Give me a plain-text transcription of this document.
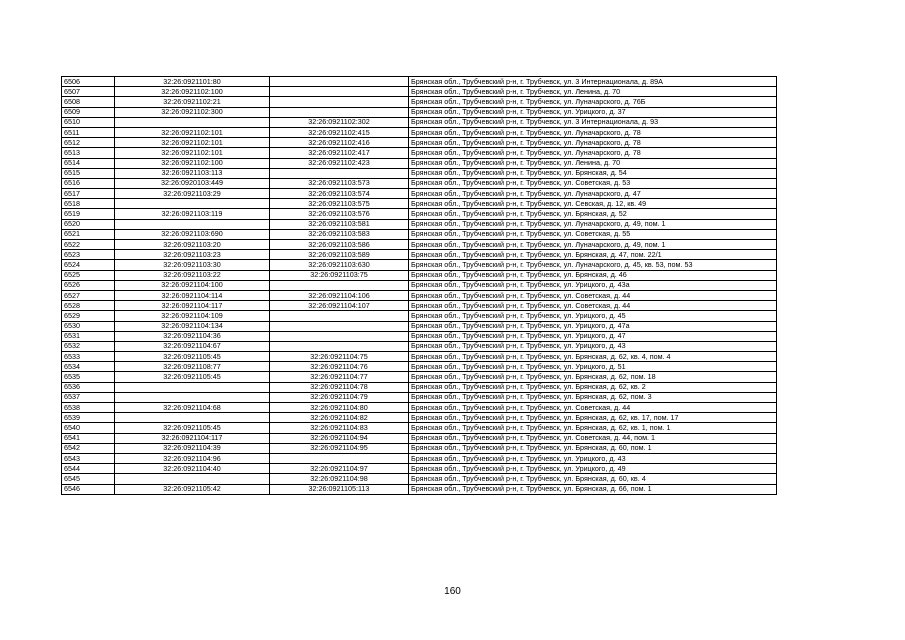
6506	32:26:0921101:80		Брянская обл., Трубчевский р-н, г. Трубчевск, ул. 3 Интернационала, д. 89А
6507	32:26:0921102:100		Брянская обл., Трубчевский р-н, г. Трубчевск, ул. Ленина, д. 70
6508	32:26:0921102:21		Брянская обл., Трубчевский р-н, г. Трубчевск, ул. Луначарского, д. 76Б
6509	32:26:0921102:300		Брянская обл., Трубчевский р-н, г. Трубчевск, ул. Урицкого, д. 37
6510		32:26:0921102:302	Брянская обл., Трубчевский р-н, г. Трубчевск, ул. 3 Интернационала, д. 93
6511	32:26:0921102:101	32:26:0921102:415	Брянская обл., Трубчевский р-н, г. Трубчевск, ул. Луначарского, д. 78
6512	32:26:0921102:101	32:26:0921102:416	Брянская обл., Трубчевский р-н, г. Трубчевск, ул. Луначарского, д. 78
6513	32:26:0921102:101	32:26:0921102:417	Брянская обл., Трубчевский р-н, г. Трубчевск, ул. Луначарского, д. 78
6514	32:26:0921102:100	32:26:0921102:423	Брянская обл., Трубчевский р-н, г. Трубчевск, ул. Ленина, д. 70
6515	32:26:0921103:113		Брянская обл., Трубчевский р-н, г. Трубчевск, ул. Брянская, д. 54
6516	32:26:0920103:449	32:26:0921103:573	Брянская обл., Трубчевский р-н, г. Трубчевск, ул. Советская, д. 53
6517	32:26:0921103:29	32:26:0921103:574	Брянская обл., Трубчевский р-н, г. Трубчевск, ул. Луначарского, д. 47
6518		32:26:0921103:575	Брянская обл., Трубчевский р-н, г. Трубчевск, ул. Севская, д. 12, кв. 49
6519	32:26:0921103:119	32:26:0921103:576	Брянская обл., Трубчевский р-н, г. Трубчевск, ул. Брянская, д. 52
6520		32:26:0921103:581	Брянская обл., Трубчевский р-н, г. Трубчевск, ул. Луначарского, д. 49, пом. 1
6521	32:26:0921103:690	32:26:0921103:583	Брянская обл., Трубчевский р-н, г. Трубчевск, ул. Советская, д. 55
6522	32:26:0921103:20	32:26:0921103:586	Брянская обл., Трубчевский р-н, г. Трубчевск, ул. Луначарского, д. 49, пом. 1
6523	32:26:0921103:23	32:26:0921103:589	Брянская обл., Трубчевский р-н, г. Трубчевск, ул. Брянская, д. 47, пом. 22/1
6524	32:26:0921103:30	32:26:0921103:630	Брянская обл., Трубчевский р-н, г. Трубчевск, ул. Луначарского, д. 45, кв. 53, пом. 53
6525	32:26:0921103:22	32:26:0921103:75	Брянская обл., Трубчевский р-н, г. Трубчевск, ул. Брянская, д. 46
6526	32:26:0921104:100		Брянская обл., Трубчевский р-н, г. Трубчевск, ул. Урицкого, д. 43а
6527	32:26:0921104:114	32:26:0921104:106	Брянская обл., Трубчевский р-н, г. Трубчевск, ул. Советская, д. 44
6528	32:26:0921104:117	32:26:0921104:107	Брянская обл., Трубчевский р-н, г. Трубчевск, ул. Советская, д. 44
6529	32:26:0921104:109		Брянская обл., Трубчевский р-н, г. Трубчевск, ул. Урицкого, д. 45
6530	32:26:0921104:134		Брянская обл., Трубчевский р-н, г. Трубчевск, ул. Урицкого, д. 47а
6531	32:26:0921104:36		Брянская обл., Трубчевский р-н, г. Трубчевск, ул. Урицкого, д. 47
6532	32:26:0921104:67		Брянская обл., Трубчевский р-н, г. Трубчевск, ул. Урицкого, д. 43
6533	32:26:0921105:45	32:26:0921104:75	Брянская обл., Трубчевский р-н, г. Трубчевск, ул. Брянская, д. 62, кв. 4, пом. 4
6534	32:26:0921108:77	32:26:0921104:76	Брянская обл., Трубчевский р-н, г. Трубчевск, ул. Урицкого, д. 51
6535	32:26:0921105:45	32:26:0921104:77	Брянская обл., Трубчевский р-н, г. Трубчевск, ул. Брянская, д. 62, пом. 18
6536		32:26:0921104:78	Брянская обл., Трубчевский р-н, г. Трубчевск, ул. Брянская, д. 62, кв. 2
6537		32:26:0921104:79	Брянская обл., Трубчевский р-н, г. Трубчевск, ул. Брянская, д. 62, пом. 3
6538	32:26:0921104:68	32:26:0921104:80	Брянская обл., Трубчевский р-н, г. Трубчевск, ул. Советская, д. 44
6539		32:26:0921104:82	Брянская обл., Трубчевский р-н, г. Трубчевск, ул. Брянская, д. 62, кв. 17, пом. 17
6540	32:26:0921105:45	32:26:0921104:83	Брянская обл., Трубчевский р-н, г. Трубчевск, ул. Брянская, д. 62, кв. 1, пом. 1
6541	32:26:0921104:117	32:26:0921104:94	Брянская обл., Трубчевский р-н, г. Трубчевск, ул. Советская, д. 44, пом. 1
6542	32:26:0921104:39	32:26:0921104:95	Брянская обл., Трубчевский р-н, г. Трубчевск, ул. Брянская, д. 60, пом. 1
6543	32:26:0921104:96		Брянская обл., Трубчевский р-н, г. Трубчевск, ул. Урицкого, д. 43
6544	32:26:0921104:40	32:26:0921104:97	Брянская обл., Трубчевский р-н, г. Трубчевск, ул. Урицкого, д. 49
6545		32:26:0921104:98	Брянская обл., Трубчевский р-н, г. Трубчевск, ул. Брянская, д. 60, кв. 4
6546	32:26:0921105:42	32:26:0921105:113	Брянская обл., Трубчевский р-н, г. Трубчевск, ул. Брянская, д. 66, пом. 1
160
